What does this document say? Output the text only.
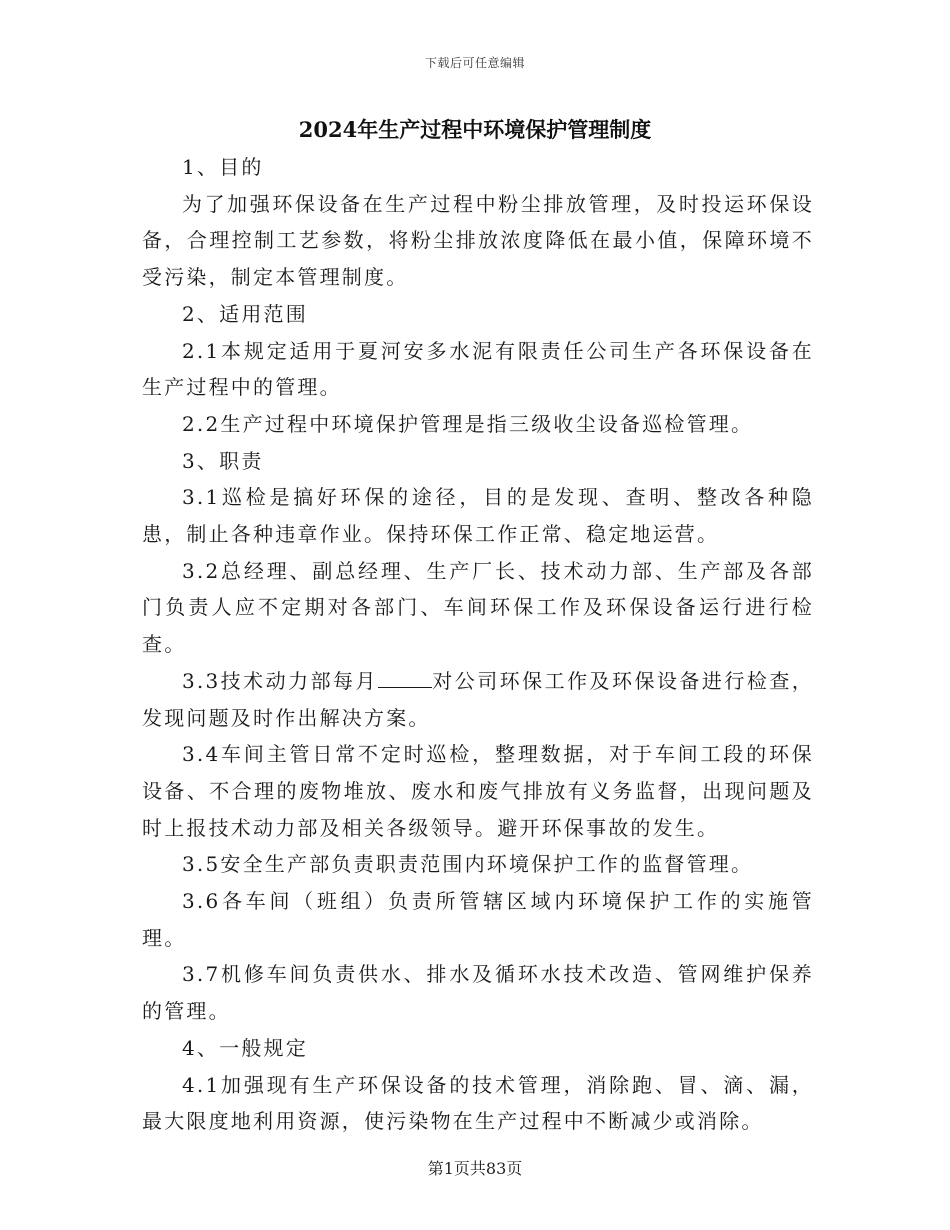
下载后可任意编辑
2024年生产过程中环境保护管理制度

1、目的

为了加强环保设备在生产过程中粉尘排放管理，及时投运环保设备，合理控制工艺参数，将粉尘排放浓度降低在最小值，保障环境不受污染，制定本管理制度。

2、适用范围

2.1本规定适用于夏河安多水泥有限责任公司生产各环保设备在生产过程中的管理。

2.2生产过程中环境保护管理是指三级收尘设备巡检管理。

3、职责

3.1巡检是搞好环保的途径，目的是发现、查明、整改各种隐患，制止各种违章作业。保持环保工作正常、稳定地运营。

3.2总经理、副总经理、生产厂长、技术动力部、生产部及各部门负责人应不定期对各部门、车间环保工作及环保设备运行进行检查。

3.3技术动力部每月	对公司环保工作及环保设备进行检查，发现问题及时作出解决方案。

3.4车间主管日常不定时巡检，整理数据，对于车间工段的环保设备、不合理的废物堆放、废水和废气排放有义务监督，出现问题及时上报技术动力部及相关各级领导。避开环保事故的发生。

3.5安全生产部负责职责范围内环境保护工作的监督管理。

3.6各车间（班组）负责所管辖区域内环境保护工作的实施管理。

3.7机修车间负责供水、排水及循环水技术改造、管网维护保养的管理。

4、一般规定

4.1加强现有生产环保设备的技术管理，消除跑、冒、滴、漏，最大限度地利用资源，使污染物在生产过程中不断减少或消除。

第1页共83页
